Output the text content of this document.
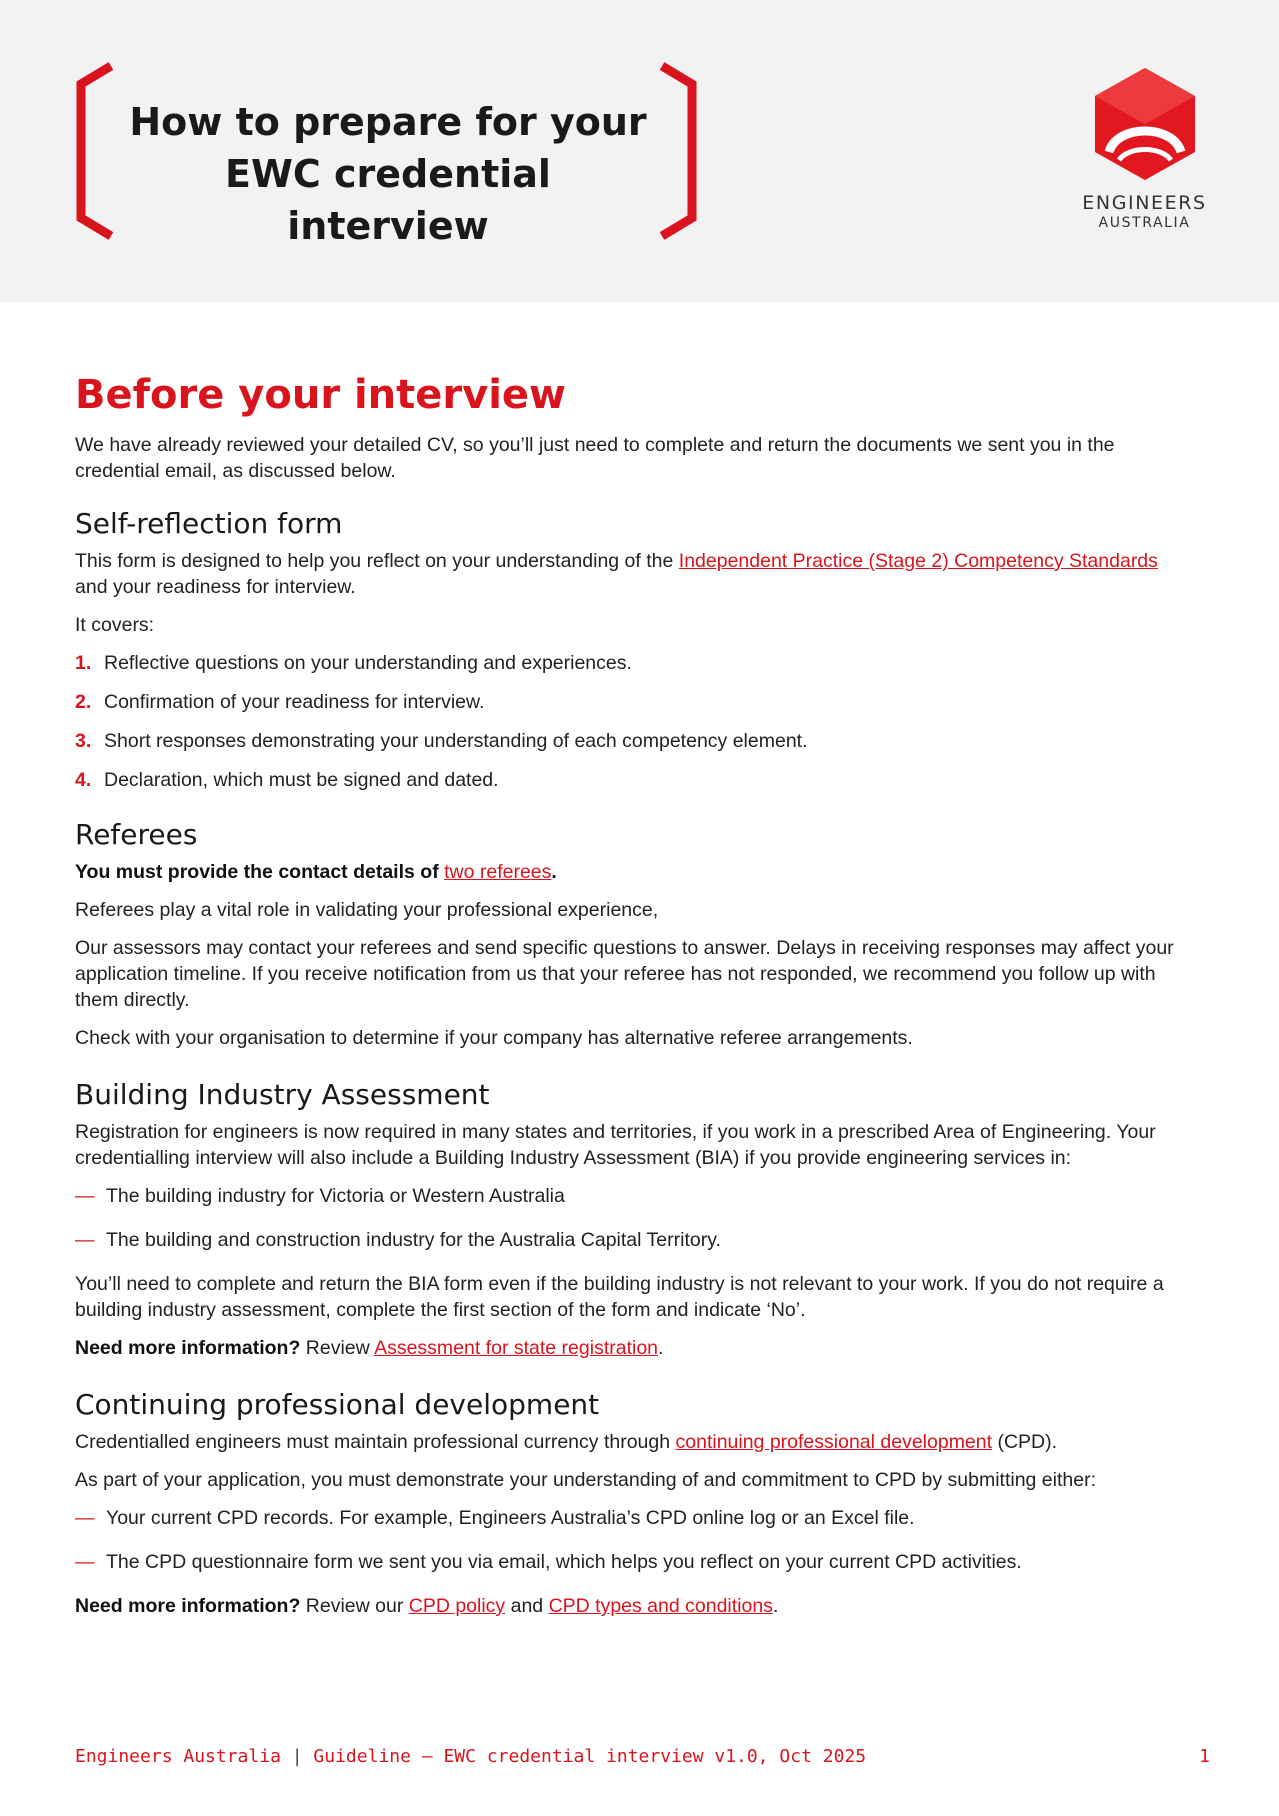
How to prepare for your
EWC credential interview
ENGINEERS
AUSTRALIA
Before your interview

We have already reviewed your detailed CV, so you’ll just need to complete and return the documents we sent you in the credential email, as discussed below.

Self-reflection form

This form is designed to help you reflect on your understanding of the Independent Practice (Stage 2) Competency Standards and your readiness for interview.

It covers:

1. Reflective questions on your understanding and experiences.
2. Confirmation of your readiness for interview.
3. Short responses demonstrating your understanding of each competency element.
4. Declaration, which must be signed and dated.
Referees

You must provide the contact details of two referees.

Referees play a vital role in validating your professional experience,

Our assessors may contact your referees and send specific questions to answer. Delays in receiving responses may affect your application timeline. If you receive notification from us that your referee has not responded, we recommend you follow up with them directly.

Check with your organisation to determine if your company has alternative referee arrangements.

Building Industry Assessment

Registration for engineers is now required in many states and territories, if you work in a prescribed Area of Engineering. Your credentialling interview will also include a Building Industry Assessment (BIA) if you provide engineering services in:

— The building industry for Victoria or Western Australia
— The building and construction industry for the Australia Capital Territory.

You’ll need to complete and return the BIA form even if the building industry is not relevant to your work. If you do not require a building industry assessment, complete the first section of the form and indicate ‘No’.

Need more information? Review Assessment for state registration.

Continuing professional development

Credentialled engineers must maintain professional currency through continuing professional development (CPD).

As part of your application, you must demonstrate your understanding of and commitment to CPD by submitting either:

— Your current CPD records. For example, Engineers Australia’s CPD online log or an Excel file.
— The CPD questionnaire form we sent you via email, which helps you reflect on your current CPD activities.

Need more information? Review our CPD policy and CPD types and conditions.

Engineers Australia | Guideline – EWC credential interview v1.0, Oct 2025	1
